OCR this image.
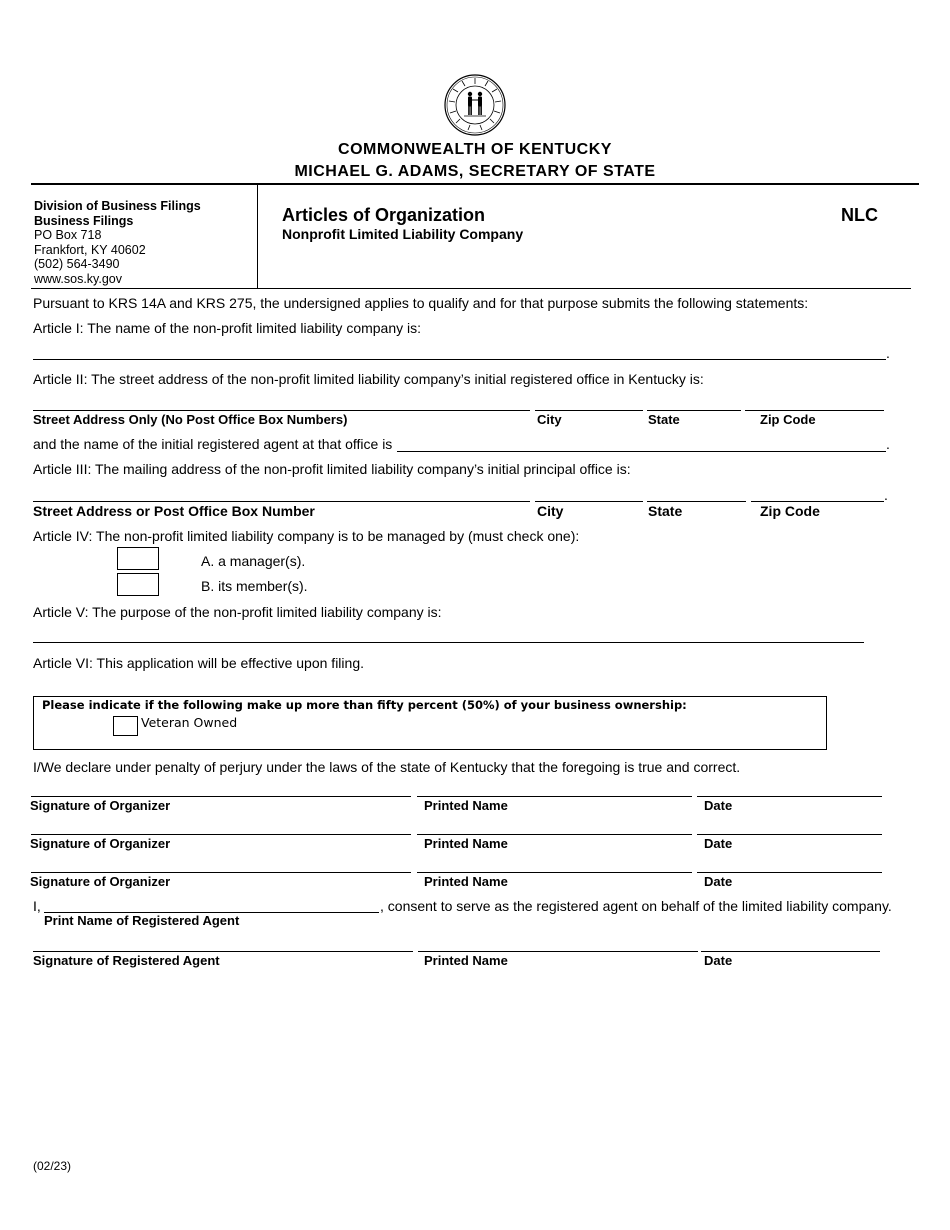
COMMONWEALTH OF KENTUCKY
MICHAEL G. ADAMS, SECRETARY OF STATE
Division of Business Filings
Business Filings
PO Box 718
Frankfort, KY 40602
(502) 564-3490
www.sos.ky.gov
Articles of Organization
Nonprofit Limited Liability Company
NLC
Pursuant to KRS 14A and KRS 275, the undersigned applies to qualify and for that purpose submits the following statements:
Article I: The name of the non-profit limited liability company is:
.
Article II: The street address of the non-profit limited liability company’s initial registered office in Kentucky is:
Street Address Only (No Post Office Box Numbers)	City	State	Zip Code
and the name of the initial registered agent at that office is	.
Article III: The mailing address of the non-profit limited liability company’s initial principal office is:
.
Street Address or Post Office Box Number	City	State	Zip Code
Article IV: The non-profit limited liability company is to be managed by (must check one):
A. a manager(s).
B. its member(s).
Article V: The purpose of the non-profit limited liability company is:
Article VI: This application will be effective upon filing.
Please indicate if the following make up more than fifty percent (50%) of your business ownership:
Veteran Owned
I/We declare under penalty of perjury under the laws of the state of Kentucky that the foregoing is true and correct.
Signature of Organizer	Printed Name	Date
Signature of Organizer	Printed Name	Date
Signature of Organizer	Printed Name	Date
I,	, consent to serve as the registered agent on behalf of the limited liability company.
Print Name of Registered Agent
Signature of Registered Agent	Printed Name	Date
(02/23)
